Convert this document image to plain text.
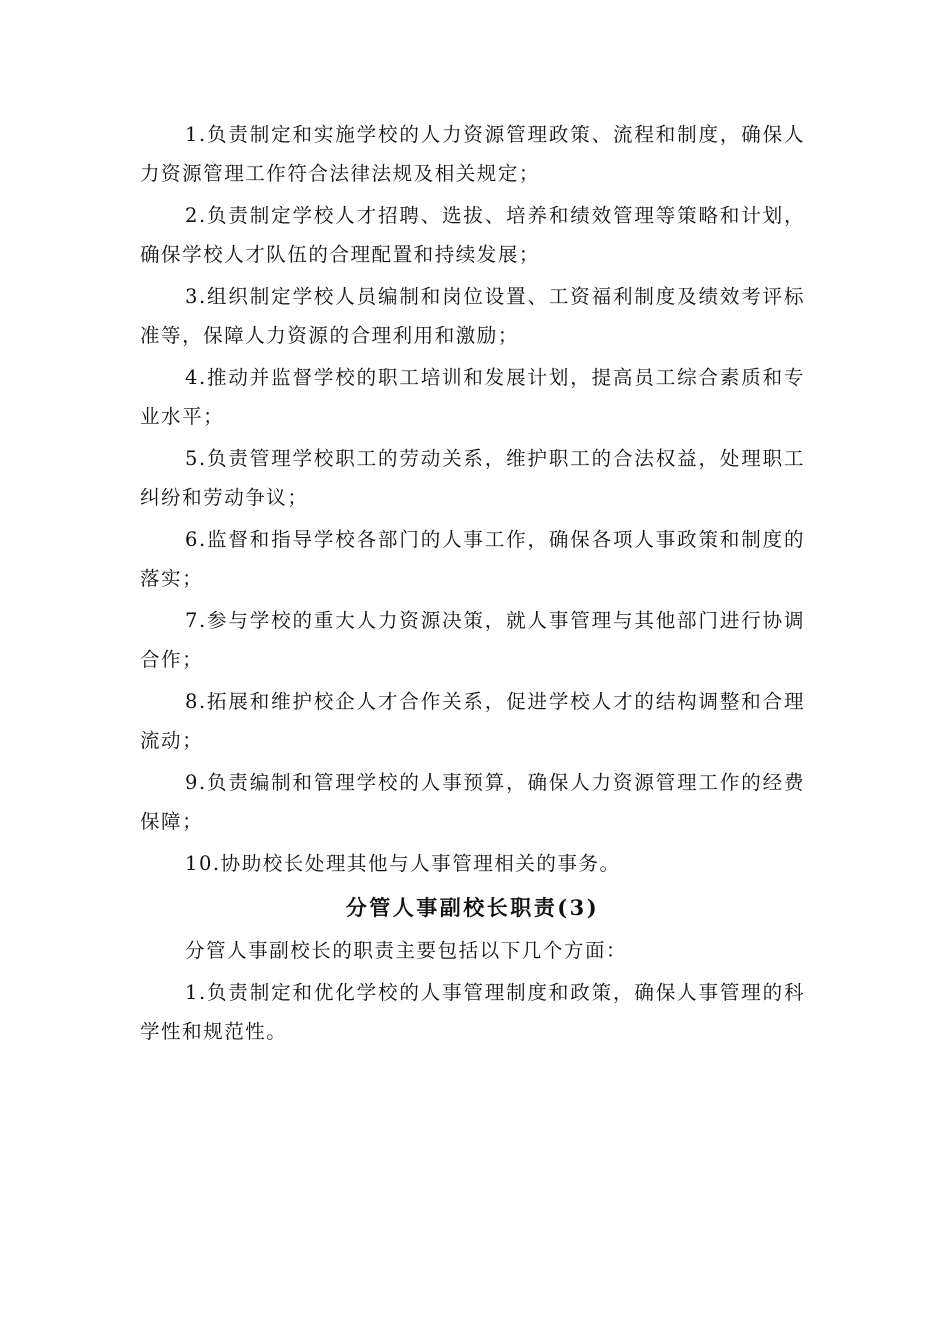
1.负责制定和实施学校的人力资源管理政策、流程和制度，确保人力资源管理工作符合法律法规及相关规定；

2.负责制定学校人才招聘、选拔、培养和绩效管理等策略和计划，确保学校人才队伍的合理配置和持续发展；

3.组织制定学校人员编制和岗位设置、工资福利制度及绩效考评标准等，保障人力资源的合理利用和激励；

4.推动并监督学校的职工培训和发展计划，提高员工综合素质和专业水平；

5.负责管理学校职工的劳动关系，维护职工的合法权益，处理职工纠纷和劳动争议；

6.监督和指导学校各部门的人事工作，确保各项人事政策和制度的落实；

7.参与学校的重大人力资源决策，就人事管理与其他部门进行协调合作；

8.拓展和维护校企人才合作关系，促进学校人才的结构调整和合理流动；

9.负责编制和管理学校的人事预算，确保人力资源管理工作的经费保障；

10.协助校长处理其他与人事管理相关的事务。

分管人事副校长职责(3)

分管人事副校长的职责主要包括以下几个方面：

1.负责制定和优化学校的人事管理制度和政策，确保人事管理的科学性和规范性。
